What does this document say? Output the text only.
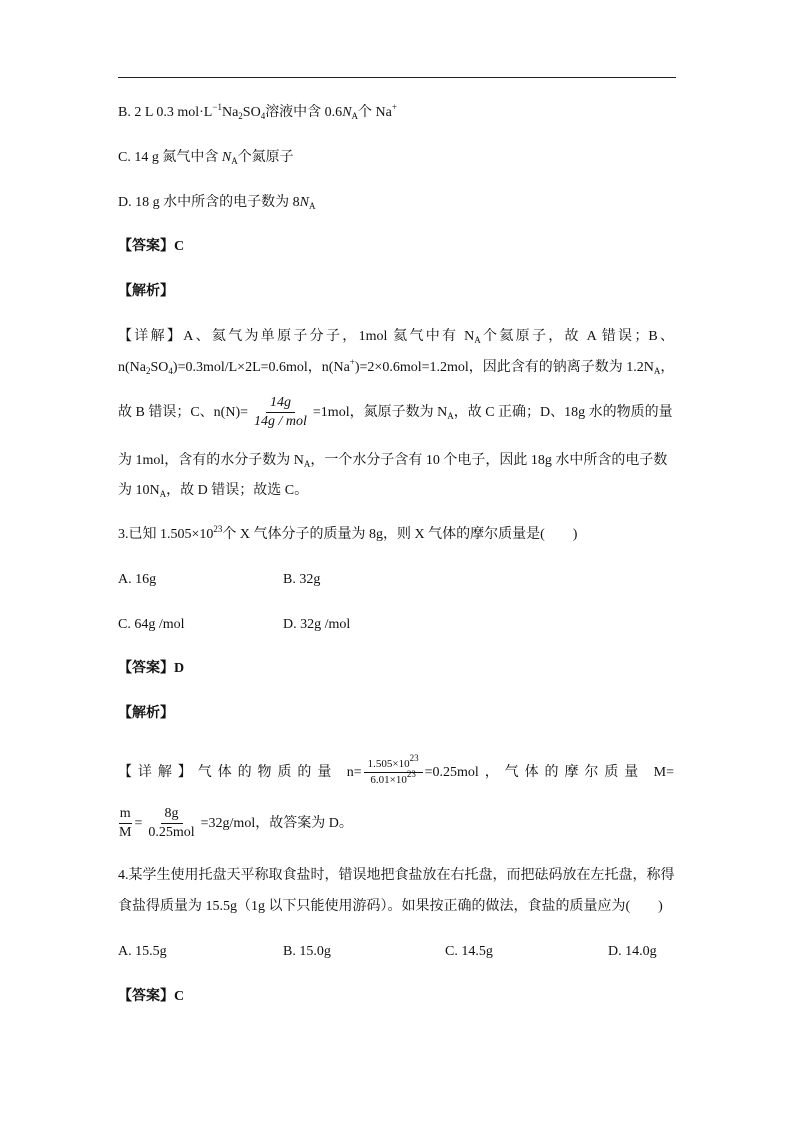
B. 2 L 0.3 $mol\cdot L^{-1}Na_2SO_4$溶液中含 $0.6N_A$个 Na+
C. 14 g 氮气中含 $N_A$个氮原子
D. 18 g 水中所含的电子数为 $8N_A$
【答案】C
【解析】
【详解】A、氦气为单原子分子，1mol 氦气中有 $N_A$个氦原子，故 A 错误；B、
$n(Na_2SO_4)=0.3mol/L\times 2L=0.6mol$，n(Na+)=2×0.6mol=1.2mol，因此含有的钠离子数为 $1.2N_A$，
故 B 错误；C、$n(N)= \frac{14g}{\text{14g / mol}} =1mol$，氮原子数为 $N_A$，故 C 正确；D、18g 水的物质的量
为 1mol，含有的水分子数为 $N_A$，一个水分子含有 10 个电子，因此 18g 水中所含的电子数
为 $10N_A$，故 D 错误；故选 C。
3.已知 $1.505\times 10^{23}$个 X 气体分子的质量为 8g，则 X 气体的摩尔质量是(　　)
A. 16g	B. 32g
C. 64g /mol	D. 32g /mol
【答案】D
【解析】
【详解】气体的物质的量 $n= \frac{1.505\times 10^{23}}{6.01\times 10^{23}} =0.25mol$，气体的摩尔质量 M=
$\frac{m}{M} = \frac{8g}{\text{0.25mol}} =32g/mol$，故答案为 D。
4.某学生使用托盘天平称取食盐时，错误地把食盐放在右托盘，而把砝码放在左托盘，称得
食盐得质量为 15.5g（1g 以下只能使用游码）。如果按正确的做法，食盐的质量应为(　　)
A. 15.5g	B. 15.0g	C. 14.5g	D. 14.0g
【答案】C
